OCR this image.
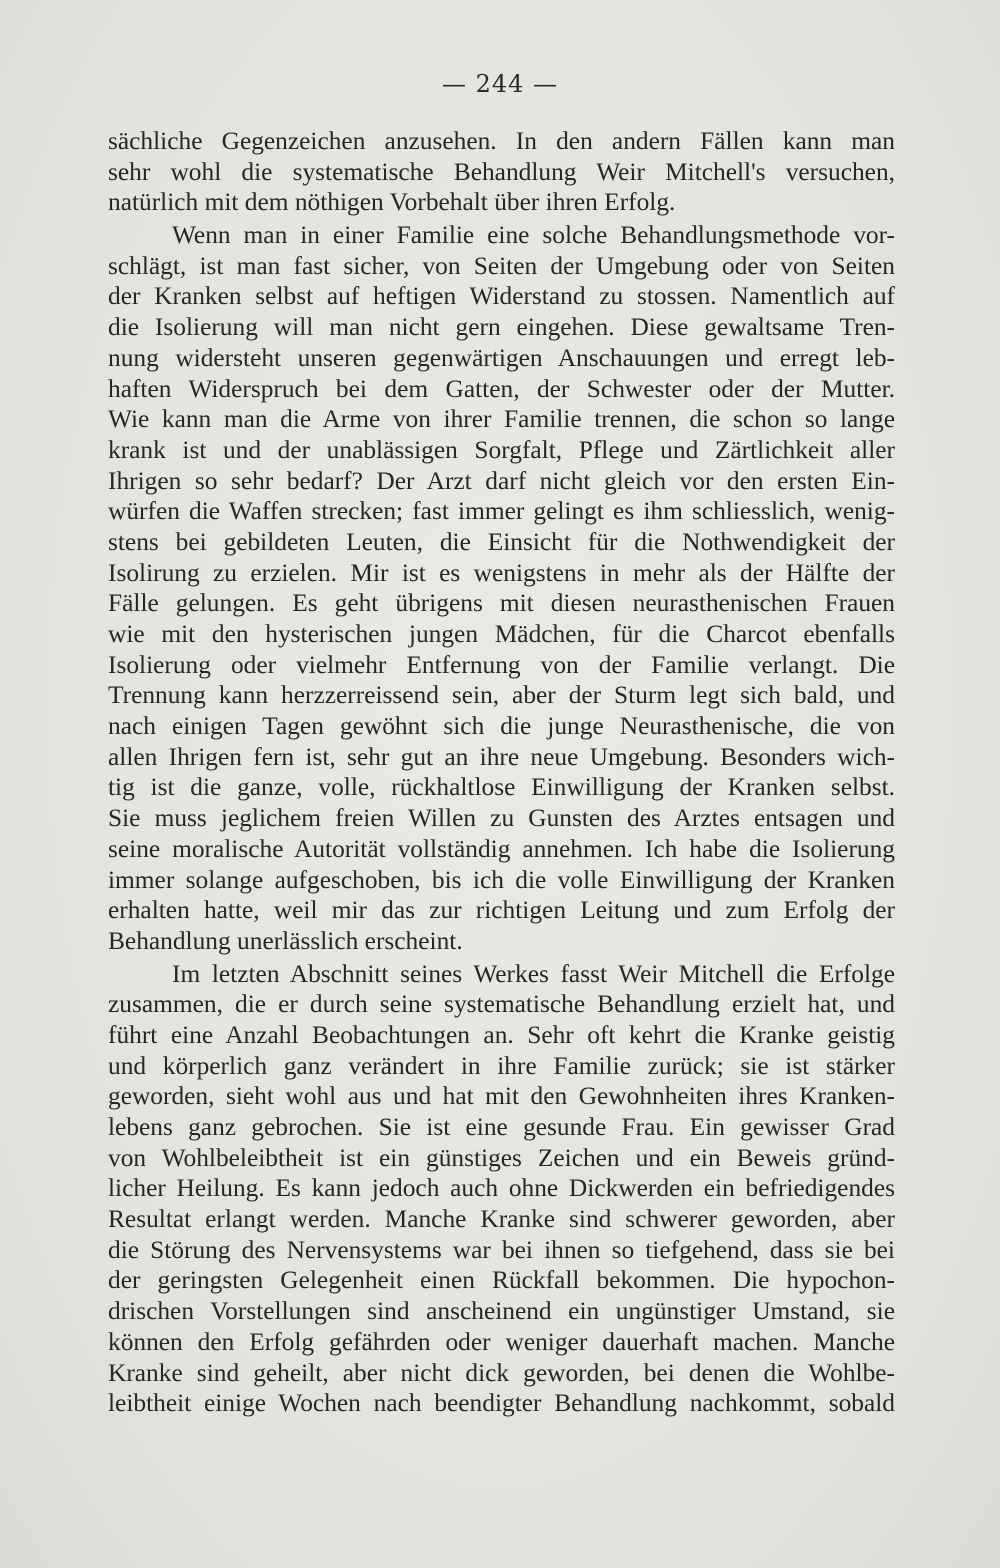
— 244 —
sächliche Gegenzeichen anzusehen. In den andern Fällen kann man
sehr wohl die systematische Behandlung Weir Mitchell's versuchen,
natürlich mit dem nöthigen Vorbehalt über ihren Erfolg.
Wenn man in einer Familie eine solche Behandlungsmethode vor-
schlägt, ist man fast sicher, von Seiten der Umgebung oder von Seiten
der Kranken selbst auf heftigen Widerstand zu stossen. Namentlich auf
die Isolierung will man nicht gern eingehen. Diese gewaltsame Tren-
nung widersteht unseren gegenwärtigen Anschauungen und erregt leb-
haften Widerspruch bei dem Gatten, der Schwester oder der Mutter.
Wie kann man die Arme von ihrer Familie trennen, die schon so lange
krank ist und der unablässigen Sorgfalt, Pflege und Zärtlichkeit aller
Ihrigen so sehr bedarf? Der Arzt darf nicht gleich vor den ersten Ein-
würfen die Waffen strecken; fast immer gelingt es ihm schliesslich, wenig-
stens bei gebildeten Leuten, die Einsicht für die Nothwendigkeit der
Isolirung zu erzielen. Mir ist es wenigstens in mehr als der Hälfte der
Fälle gelungen. Es geht übrigens mit diesen neurasthenischen Frauen
wie mit den hysterischen jungen Mädchen, für die Charcot ebenfalls
Isolierung oder vielmehr Entfernung von der Familie verlangt. Die
Trennung kann herzzerreissend sein, aber der Sturm legt sich bald, und
nach einigen Tagen gewöhnt sich die junge Neurasthenische, die von
allen Ihrigen fern ist, sehr gut an ihre neue Umgebung. Besonders wich-
tig ist die ganze, volle, rückhaltlose Einwilligung der Kranken selbst.
Sie muss jeglichem freien Willen zu Gunsten des Arztes entsagen und
seine moralische Autorität vollständig annehmen. Ich habe die Isolierung
immer solange aufgeschoben, bis ich die volle Einwilligung der Kranken
erhalten hatte, weil mir das zur richtigen Leitung und zum Erfolg der
Behandlung unerlässlich erscheint.
Im letzten Abschnitt seines Werkes fasst Weir Mitchell die Erfolge
zusammen, die er durch seine systematische Behandlung erzielt hat, und
führt eine Anzahl Beobachtungen an. Sehr oft kehrt die Kranke geistig
und körperlich ganz verändert in ihre Familie zurück; sie ist stärker
geworden, sieht wohl aus und hat mit den Gewohnheiten ihres Kranken-
lebens ganz gebrochen. Sie ist eine gesunde Frau. Ein gewisser Grad
von Wohlbeleibtheit ist ein günstiges Zeichen und ein Beweis gründ-
licher Heilung. Es kann jedoch auch ohne Dickwerden ein befriedigendes
Resultat erlangt werden. Manche Kranke sind schwerer geworden, aber
die Störung des Nervensystems war bei ihnen so tiefgehend, dass sie bei
der geringsten Gelegenheit einen Rückfall bekommen. Die hypochon-
drischen Vorstellungen sind anscheinend ein ungünstiger Umstand, sie
können den Erfolg gefährden oder weniger dauerhaft machen. Manche
Kranke sind geheilt, aber nicht dick geworden, bei denen die Wohlbe-
leibtheit einige Wochen nach beendigter Behandlung nachkommt, sobald
